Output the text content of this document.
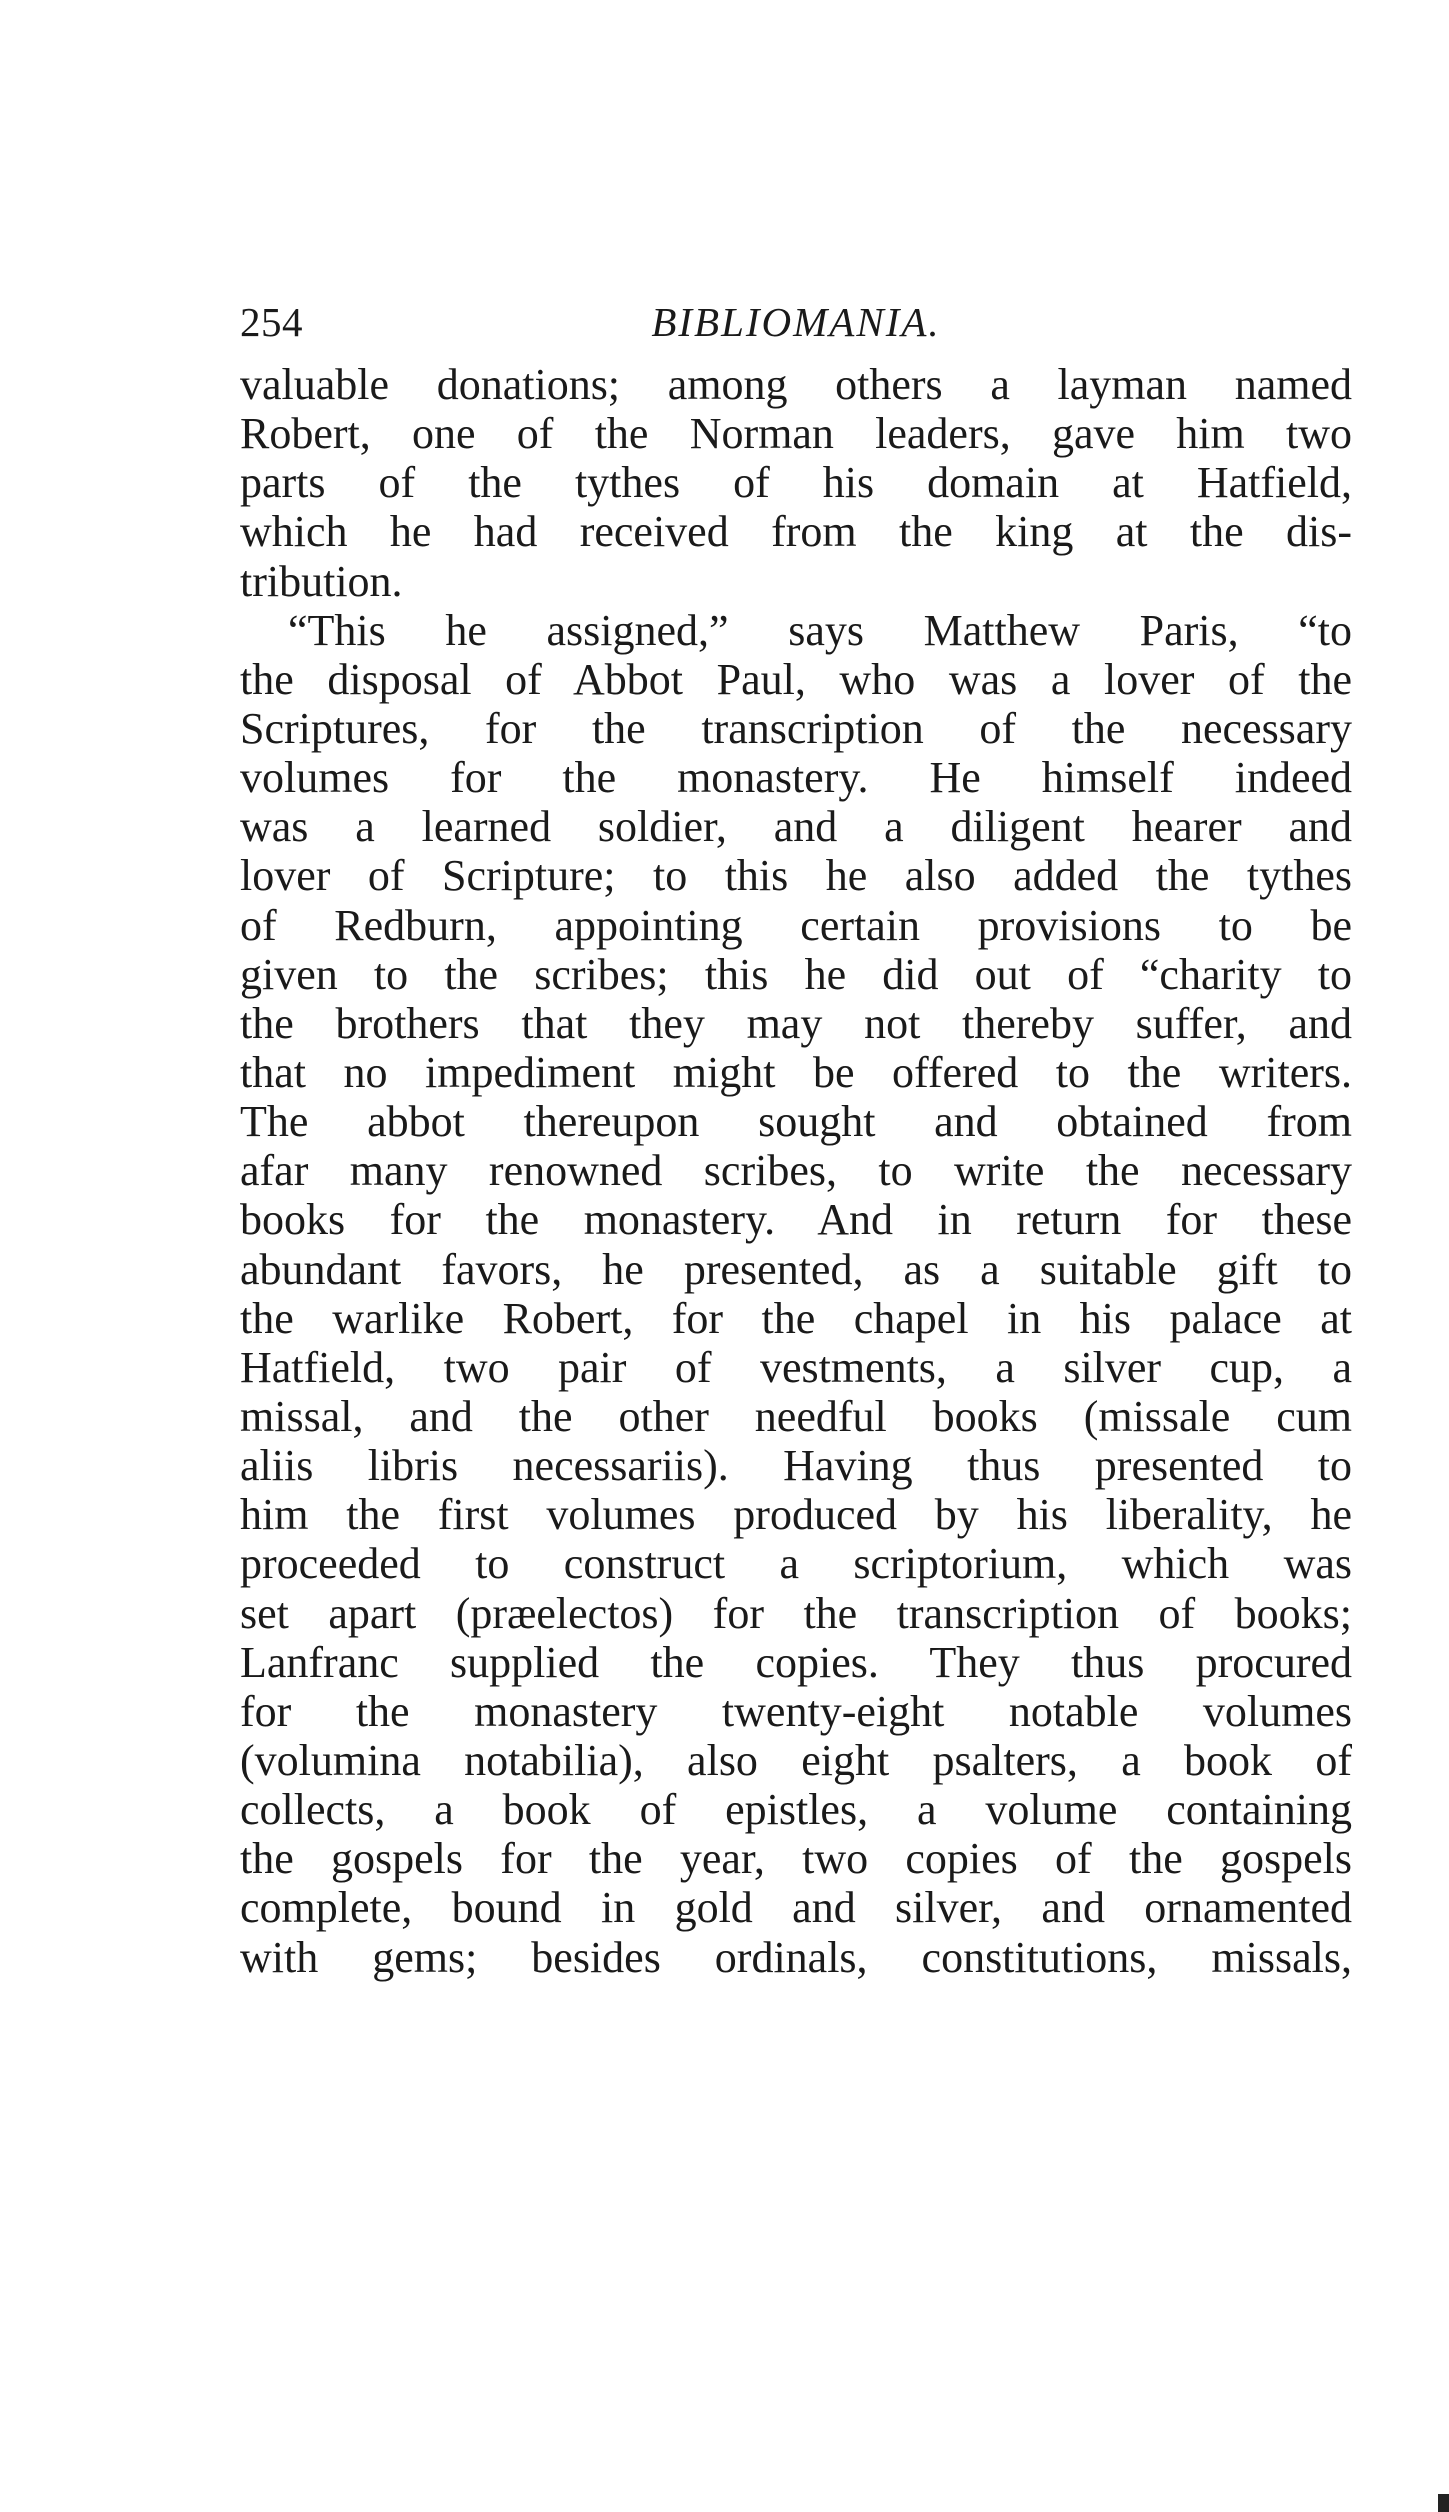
254	BIBLIOMANIA.
valuable donations; among others a layman named
Robert, one of the Norman leaders, gave him two
parts of the tythes of his domain at Hatfield,
which he had received from the king at the dis-
tribution.
“This he assigned,” says Matthew Paris, “to
the disposal of Abbot Paul, who was a lover of the
Scriptures, for the transcription of the necessary
volumes for the monastery. He himself indeed
was a learned soldier, and a diligent hearer and
lover of Scripture; to this he also added the tythes
of Redburn, appointing certain provisions to be
given to the scribes; this he did out of “charity to
the brothers that they may not thereby suffer, and
that no impediment might be offered to the writers.
The abbot thereupon sought and obtained from
afar many renowned scribes, to write the necessary
books for the monastery. And in return for these
abundant favors, he presented, as a suitable gift to
the warlike Robert, for the chapel in his palace at
Hatfield, two pair of vestments, a silver cup, a
missal, and the other needful books (missale cum
aliis libris necessariis). Having thus presented to
him the first volumes produced by his liberality, he
proceeded to construct a scriptorium, which was
set apart (præelectos) for the transcription of books;
Lanfranc supplied the copies. They thus procured
for the monastery twenty-eight notable volumes
(volumina notabilia), also eight psalters, a book of
collects, a book of epistles, a volume containing
the gospels for the year, two copies of the gospels
complete, bound in gold and silver, and ornamented
with gems; besides ordinals, constitutions, missals,
